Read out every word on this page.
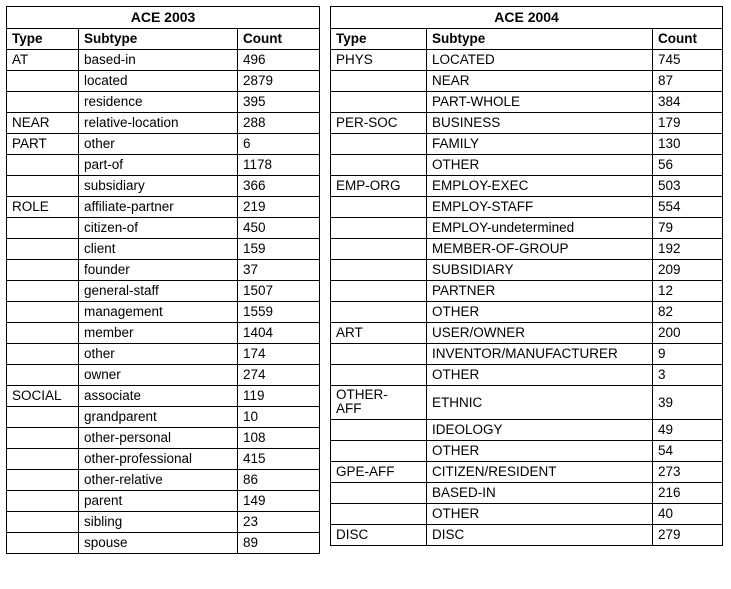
ACE 2003		
Type	Subtype	Count
AT	based-in	496
	located	2879
	residence	395
NEAR	relative-location	288
PART	other	6
	part-of	1178
	subsidiary	366
ROLE	affiliate-partner	219
	citizen-of	450
	client	159
	founder	37
	general-staff	1507
	management	1559
	member	1404
	other	174
	owner	274
SOCIAL	associate	119
	grandparent	10
	other-personal	108
	other-professional	415
	other-relative	86
	parent	149
	sibling	23
	spouse	89
ACE 2004		
Type	Subtype	Count
PHYS	LOCATED	745
	NEAR	87
	PART-WHOLE	384
PER-SOC	BUSINESS	179
	FAMILY	130
	OTHER	56
EMP-ORG	EMPLOY-EXEC	503
	EMPLOY-STAFF	554
	EMPLOY-undetermined	79
	MEMBER-OF-GROUP	192
	SUBSIDIARY	209
	PARTNER	12
	OTHER	82
ART	USER/OWNER	200
	INVENTOR/MANUFACTURER	9
	OTHER	3
OTHER-
AFF	ETHNIC	39
	IDEOLOGY	49
	OTHER	54
GPE-AFF	CITIZEN/RESIDENT	273
	BASED-IN	216
	OTHER	40
DISC	DISC	279
